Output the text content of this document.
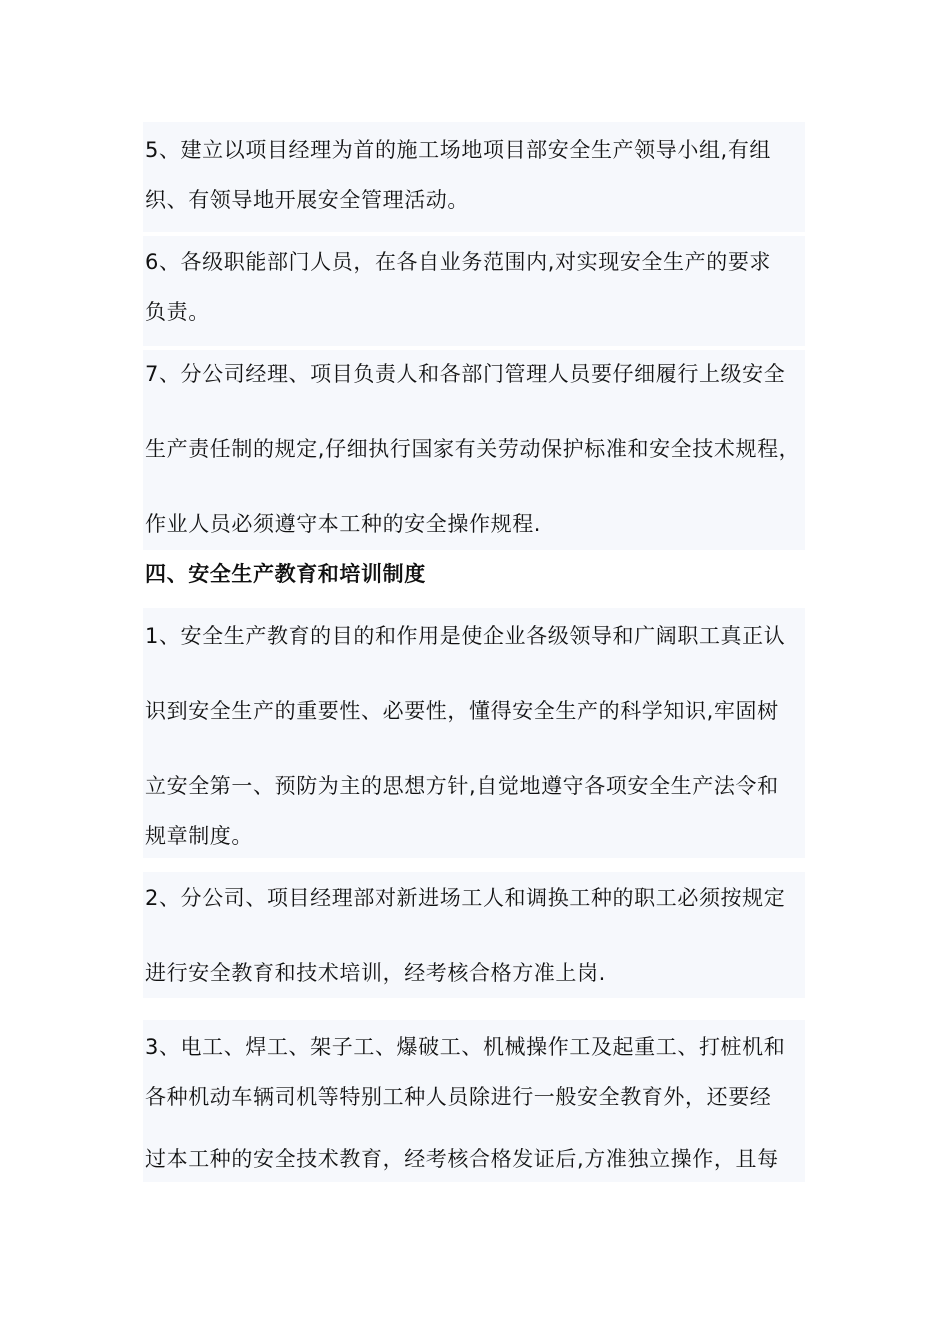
5、建立以项目经理为首的施工场地项目部安全生产领导小组,有组
织、有领导地开展安全管理活动。
6、各级职能部门人员，在各自业务范围内,对实现安全生产的要求
负责。
7、分公司经理、项目负责人和各部门管理人员要仔细履行上级安全
生产责任制的规定,仔细执行国家有关劳动保护标准和安全技术规程，
作业人员必须遵守本工种的安全操作规程.
四、安全生产教育和培训制度
1、安全生产教育的目的和作用是使企业各级领导和广阔职工真正认
识到安全生产的重要性、必要性，懂得安全生产的科学知识,牢固树
立安全第一、预防为主的思想方针,自觉地遵守各项安全生产法令和
规章制度。
2、分公司、项目经理部对新进场工人和调换工种的职工必须按规定
进行安全教育和技术培训，经考核合格方准上岗.
3、电工、焊工、架子工、爆破工、机械操作工及起重工、打桩机和
各种机动车辆司机等特别工种人员除进行一般安全教育外，还要经
过本工种的安全技术教育，经考核合格发证后,方准独立操作，且每
